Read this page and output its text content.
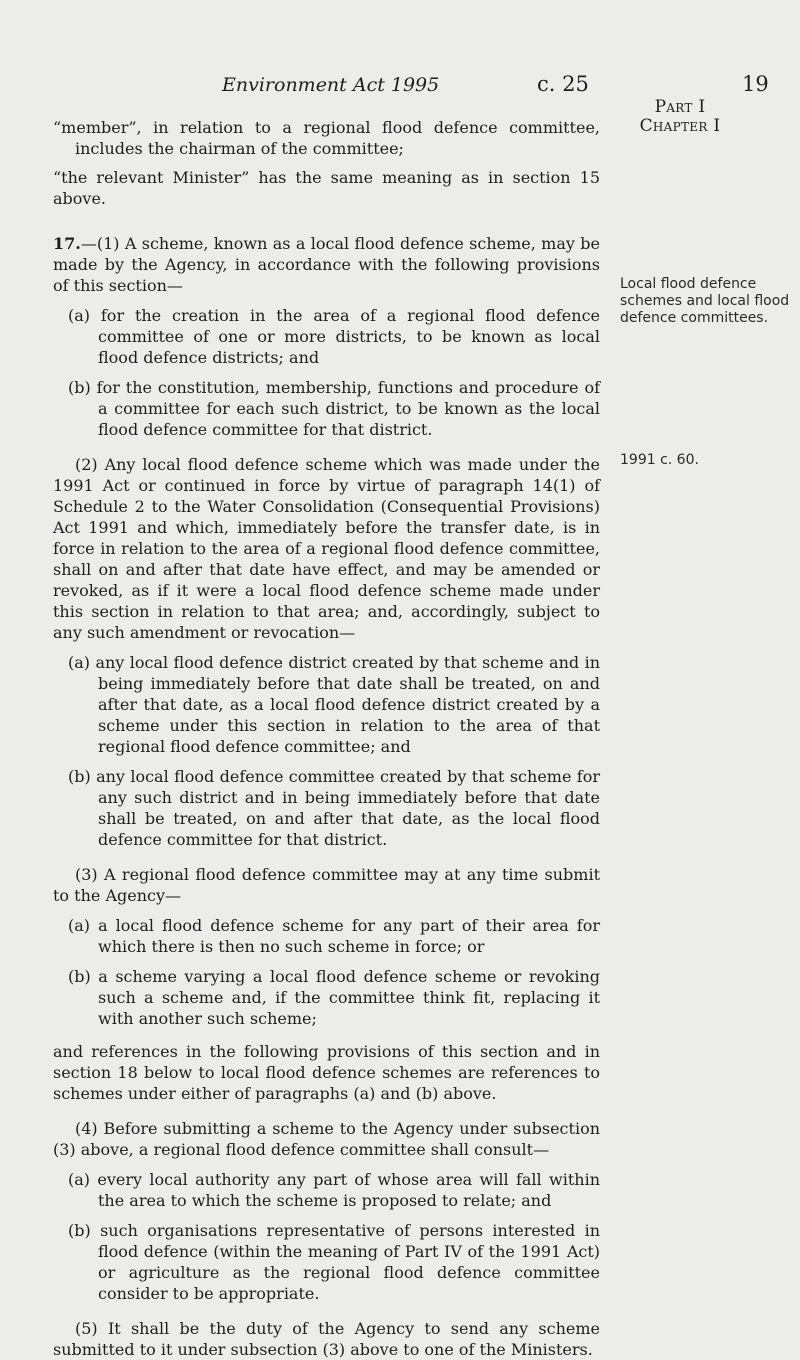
Environment Act 1995	c. 25	19
Part I
Chapter I
Local flood defence schemes and local flood defence committees.
1991 c. 60.

“member”, in relation to a regional flood defence committee, includes the chairman of the committee;

“the relevant Minister” has the same meaning as in section 15 above.

17.—(1) A scheme, known as a local flood defence scheme, may be made by the Agency, in accordance with the following provisions of this section—

(a) for the creation in the area of a regional flood defence committee of one or more districts, to be known as local flood defence districts; and

(b) for the constitution, membership, functions and procedure of a committee for each such district, to be known as the local flood defence committee for that district.

(2) Any local flood defence scheme which was made under the 1991 Act or continued in force by virtue of paragraph 14(1) of Schedule 2 to the Water Consolidation (Consequential Provisions) Act 1991 and which, immediately before the transfer date, is in force in relation to the area of a regional flood defence committee, shall on and after that date have effect, and may be amended or revoked, as if it were a local flood defence scheme made under this section in relation to that area; and, accordingly, subject to any such amendment or revocation—

(a) any local flood defence district created by that scheme and in being immediately before that date shall be treated, on and after that date, as a local flood defence district created by a scheme under this section in relation to the area of that regional flood defence committee; and

(b) any local flood defence committee created by that scheme for any such district and in being immediately before that date shall be treated, on and after that date, as the local flood defence committee for that district.

(3) A regional flood defence committee may at any time submit to the Agency—

(a) a local flood defence scheme for any part of their area for which there is then no such scheme in force; or

(b) a scheme varying a local flood defence scheme or revoking such a scheme and, if the committee think fit, replacing it with another such scheme;

and references in the following provisions of this section and in section 18 below to local flood defence schemes are references to schemes under either of paragraphs (a) and (b) above.

(4) Before submitting a scheme to the Agency under subsection (3) above, a regional flood defence committee shall consult—

(a) every local authority any part of whose area will fall within the area to which the scheme is proposed to relate; and

(b) such organisations representative of persons interested in flood defence (within the meaning of Part IV of the 1991 Act) or agriculture as the regional flood defence committee consider to be appropriate.

(5) It shall be the duty of the Agency to send any scheme submitted to it under subsection (3) above to one of the Ministers.
